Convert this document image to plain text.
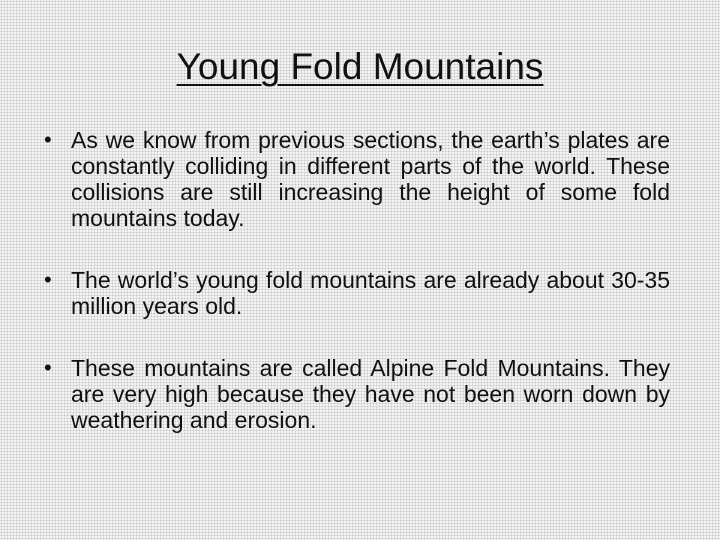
Young Fold Mountains
• As we know from previous sections, the earth’s plates are constantly colliding in different parts of the world. These collisions are still increasing the height of some fold mountains today.
• The world’s young fold mountains are already about 30-35 million years old.
• These mountains are called Alpine Fold Mountains. They are very high because they have not been worn down by weathering and erosion.
